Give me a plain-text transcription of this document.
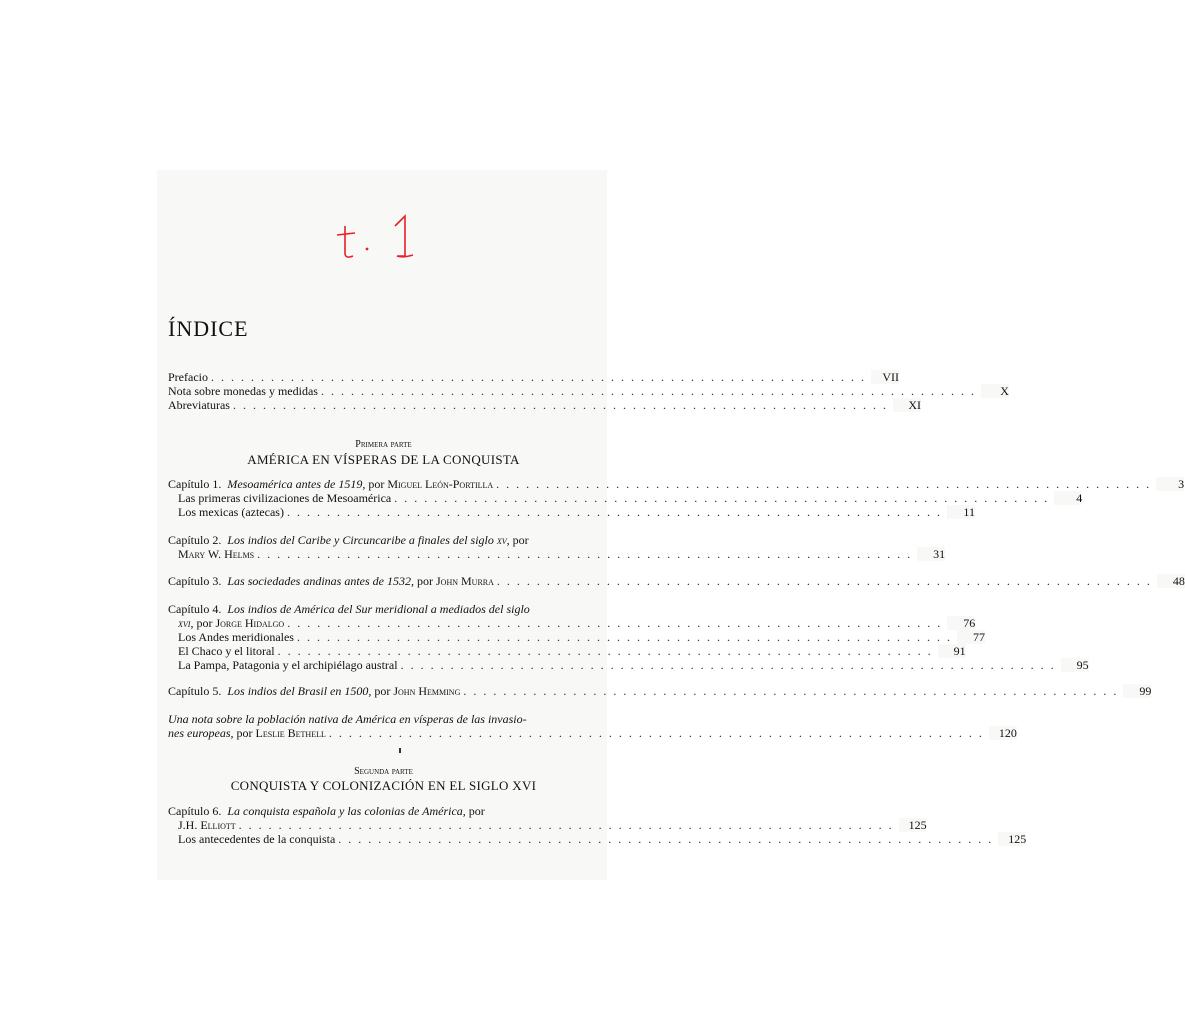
ÍNDICE
Prefacio .................................................................. VII
Nota sobre monedas y medidas ..................................................................	X
Abreviaturas ..................................................................	XI
Primera parte
AMÉRICA EN VÍSPERAS DE LA CONQUISTA
Capítulo 1. Mesoamérica antes de 1519, por Miguel León-Portilla ..................................................................	3
Las primeras civilizaciones de Mesoamérica ..................................................................	4
Los mexicas (aztecas) ..................................................................	11
Capítulo 2. Los indios del Caribe y Circuncaribe a finales del siglo xv, por
Mary W. Helms ..................................................................	31
Capítulo 3. Las sociedades andinas antes de 1532, por John Murra ..................................................................	48
Capítulo 4. Los indios de América del Sur meridional a mediados del siglo
xvi, por Jorge Hidalgo ..................................................................	76
Los Andes meridionales ..................................................................	77
El Chaco y el litoral ..................................................................	91
La Pampa, Patagonia y el archipiélago austral ..................................................................	95
Capítulo 5. Los indios del Brasil en 1500, por John Hemming ..................................................................	99
Una nota sobre la población nativa de América en vísperas de las invasio-
nes europeas, por Leslie Bethell .................................................................. 120
Segunda parte
CONQUISTA Y COLONIZACIÓN EN EL SIGLO XVI
Capítulo 6. La conquista española y las colonias de América, por
J.H. Elliott .................................................................. 125
Los antecedentes de la conquista .................................................................. 125
